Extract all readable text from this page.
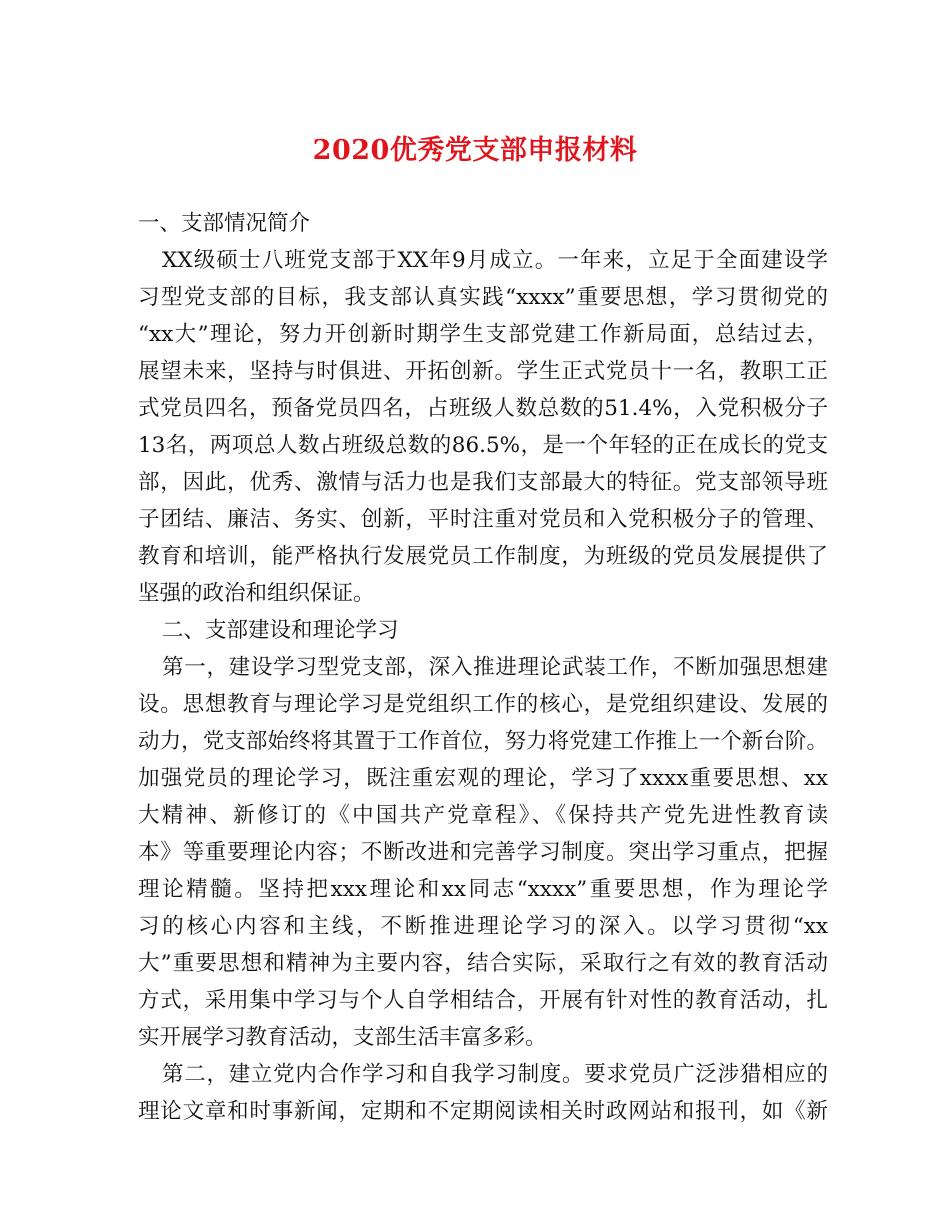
2020优秀党支部申报材料
一、支部情况简介
XX级硕士八班党支部于XX年9月成立。一年来，立足于全面建设学
习型党支部的目标，我支部认真实践“xxxx”重要思想，学习贯彻党的
“xx大”理论，努力开创新时期学生支部党建工作新局面，总结过去，
展望未来，坚持与时俱进、开拓创新。学生正式党员十一名，教职工正
式党员四名，预备党员四名，占班级人数总数的51.4%，入党积极分子
13名，两项总人数占班级总数的86.5%，是一个年轻的正在成长的党支
部，因此，优秀、激情与活力也是我们支部最大的特征。党支部领导班
子团结、廉洁、务实、创新，平时注重对党员和入党积极分子的管理、
教育和培训，能严格执行发展党员工作制度，为班级的党员发展提供了
坚强的政治和组织保证。
二、支部建设和理论学习
第一，建设学习型党支部，深入推进理论武装工作，不断加强思想建
设。思想教育与理论学习是党组织工作的核心，是党组织建设、发展的
动力，党支部始终将其置于工作首位，努力将党建工作推上一个新台阶。
加强党员的理论学习，既注重宏观的理论，学习了xxxx重要思想、xx
大精神、新修订的《中国共产党章程》、《保持共产党先进性教育读
本》等重要理论内容；不断改进和完善学习制度。突出学习重点，把握
理论精髓。坚持把xxx理论和xx同志“xxxx”重要思想，作为理论学
习的核心内容和主线，不断推进理论学习的深入。以学习贯彻“xx
大”重要思想和精神为主要内容，结合实际，采取行之有效的教育活动
方式，采用集中学习与个人自学相结合，开展有针对性的教育活动，扎
实开展学习教育活动，支部生活丰富多彩。
第二，建立党内合作学习和自我学习制度。要求党员广泛涉猎相应的
理论文章和时事新闻，定期和不定期阅读相关时政网站和报刊，如《新
